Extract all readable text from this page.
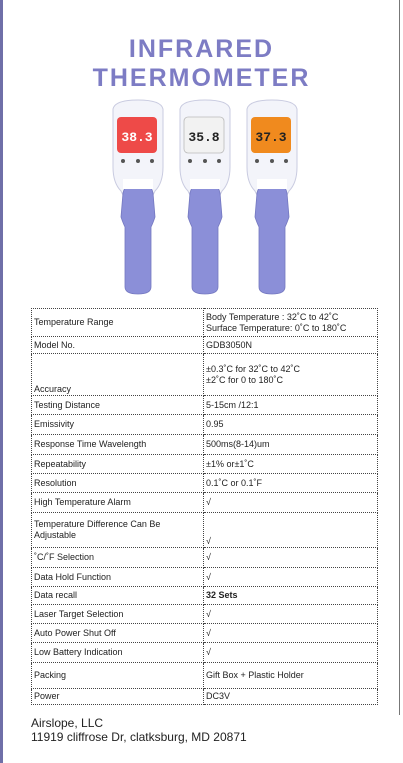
INFRARED
THERMOMETER
38.3	35.8	37.3
Temperature Range	Body Temperature : 32˚C to 42˚C
Surface Temperature: 0˚C to 180˚C

Model No.	GDB3050N
Accuracy	±0.3˚C for 32˚C to 42˚C
±2˚C for 0 to 180˚C

Testing Distance	5-15cm /12:1
Emissivity	0.95
Response Time Wavelength	500ms(8-14)um
Repeatability	±1% or±1˚C
Resolution	0.1˚C or 0.1˚F
High Temperature Alarm	√
Temperature Difference Can Be Adjustable	√
˚C/˚F Selection	√
Data Hold Function	√
Data recall	32 Sets
Laser Target Selection	√
Auto Power Shut Off	√
Low Battery Indication	√
Packing	Gift Box + Plastic Holder
Power	DC3V
Airslope, LLC
11919 cliffrose Dr, clatksburg, MD 20871
